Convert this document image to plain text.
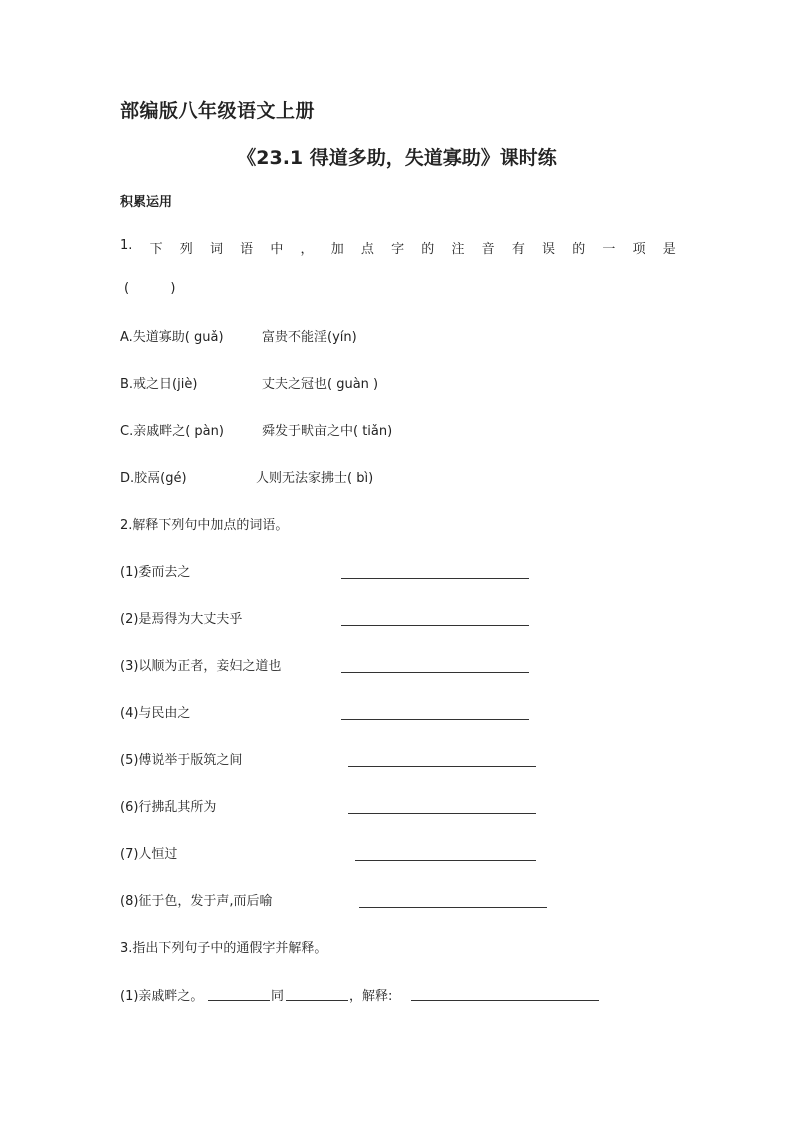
部编版八年级语文上册
《23.1 得道多助，失道寡助》课时练
积累运用
1. 下 列 词 语 中 ， 加 点 字 的 注 音 有 误 的 一 项 是
(          )
A.失道寡助( guǎ)	富贵不能淫(yín)
B.戒之日(jiè)	丈夫之冠也( guàn )
C.亲戚畔之( pàn)	舜发于畎亩之中( tiǎn)
D.胶鬲(gé)	人则无法家拂士( bì)
2.解释下列句中加点的词语。
(1)委而去之
(2)是焉得为大丈夫乎
(3)以顺为正者，妾妇之道也
(4)与民由之
(5)傅说举于版筑之间
(6)行拂乱其所为
(7)人恒过
(8)征于色，发于声,而后喻
3.指出下列句子中的通假字并解释。
(1)亲戚畔之。	同	，解释:
